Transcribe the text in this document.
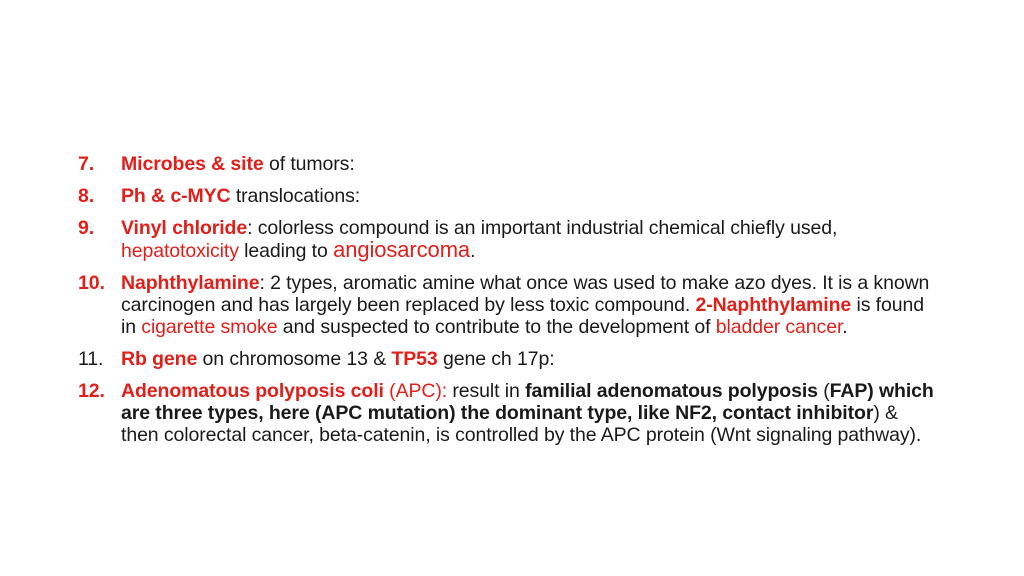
7. Microbes & site of tumors:
8. Ph & c-MYC translocations:
9. Vinyl chloride: colorless compound is an important industrial chemical chiefly used, hepatotoxicity leading to angiosarcoma.
10. Naphthylamine: 2 types, aromatic amine what once was used to make azo dyes. It is a known carcinogen and has largely been replaced by less toxic compound. 2-Naphthylamine is found in cigarette smoke and suspected to contribute to the development of bladder cancer.
11. Rb gene on chromosome 13 & TP53 gene ch 17p:
12. Adenomatous polyposis coli (APC): result in familial adenomatous polyposis (FAP) which are three types, here (APC mutation) the dominant type, like NF2, contact inhibitor) & then colorectal cancer, beta-catenin, is controlled by the APC protein (Wnt signaling pathway).
